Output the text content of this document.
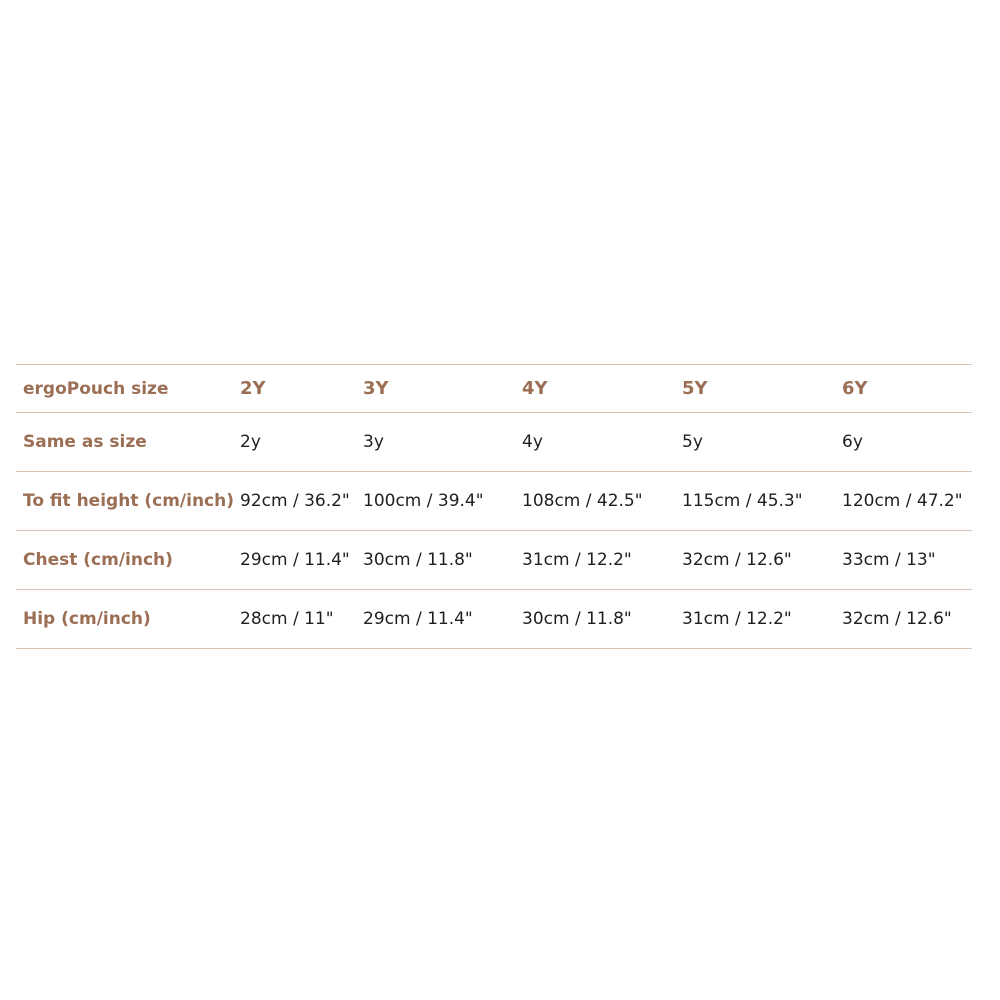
ergoPouch size	2Y	3Y	4Y	5Y	6Y
Same as size	2y	3y	4y	5y	6y
To fit height (cm/inch)	92cm / 36.2"	100cm / 39.4"	108cm / 42.5"	115cm / 45.3"	120cm / 47.2"
Chest (cm/inch)	29cm / 11.4"	30cm / 11.8"	31cm / 12.2"	32cm / 12.6"	33cm / 13"
Hip (cm/inch)	28cm / 11"	29cm / 11.4"	30cm / 11.8"	31cm / 12.2"	32cm / 12.6"
